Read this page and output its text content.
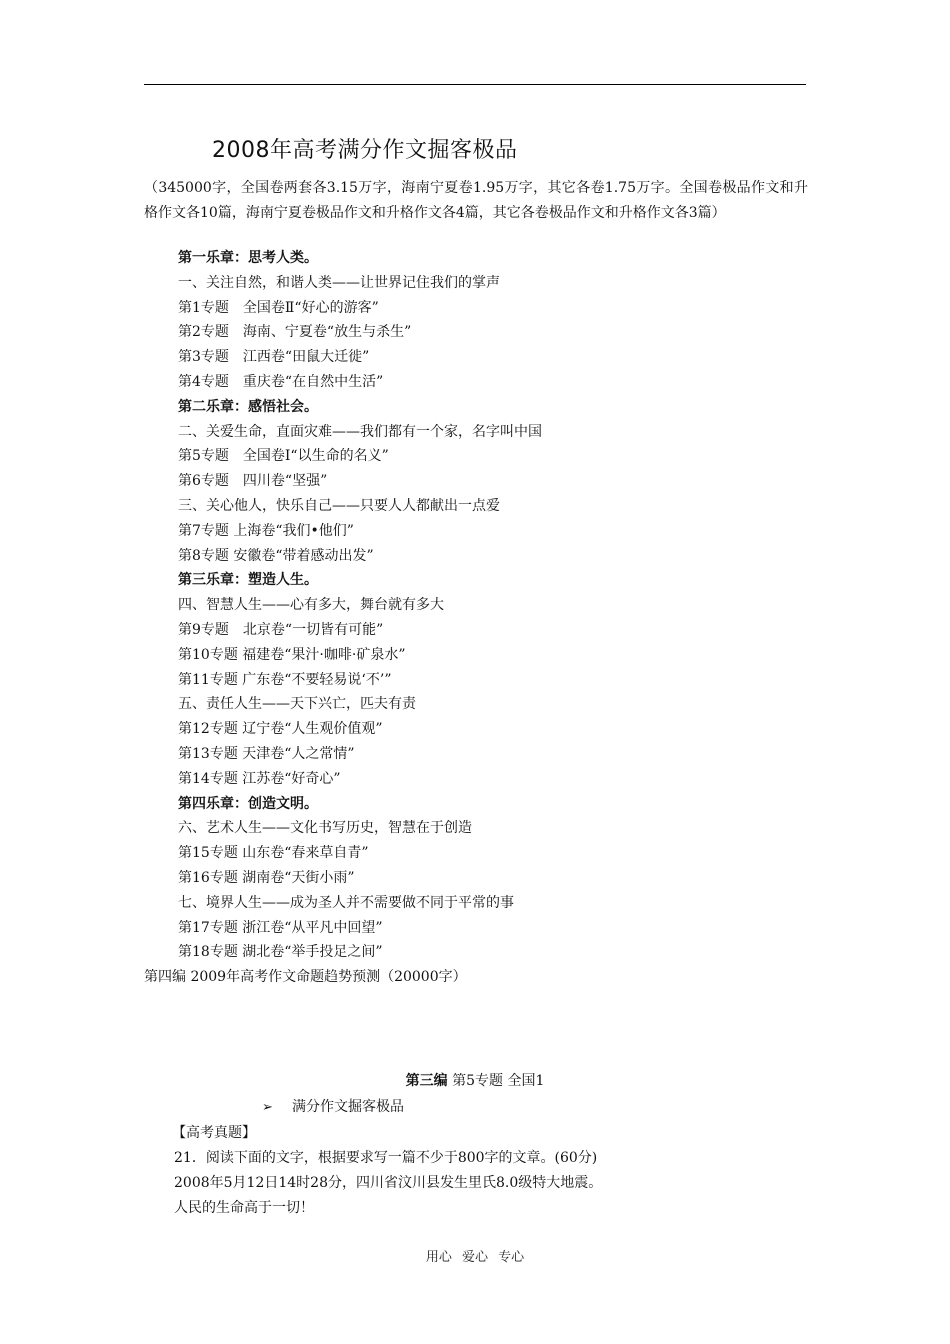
2008年高考满分作文掘客极品
（345000字，全国卷两套各3.15万字，海南宁夏卷1.95万字，其它各卷1.75万字。全国卷极品作文和升格作文各10篇，海南宁夏卷极品作文和升格作文各4篇，其它各卷极品作文和升格作文各3篇）
第一乐章：思考人类。
一、关注自然，和谐人类——让世界记住我们的掌声
第1专题　全国卷Ⅱ“好心的游客”
第2专题　海南、宁夏卷“放生与杀生”
第3专题　江西卷“田鼠大迁徙”
第4专题　重庆卷“在自然中生活”
第二乐章：感悟社会。
二、关爱生命，直面灾难——我们都有一个家，名字叫中国
第5专题　全国卷Ⅰ“以生命的名义”
第6专题　四川卷“坚强”
三、关心他人，快乐自己——只要人人都献出一点爱
第7专题 上海卷“我们•他们”
第8专题 安徽卷“带着感动出发”
第三乐章：塑造人生。
四、智慧人生——心有多大，舞台就有多大
第9专题　北京卷“一切皆有可能”
第10专题 福建卷“果汁·咖啡·矿泉水”
第11专题 广东卷“不要轻易说‘不’”
五、责任人生——天下兴亡，匹夫有责
第12专题 辽宁卷“人生观价值观”
第13专题 天津卷“人之常情”
第14专题 江苏卷“好奇心”
第四乐章：创造文明。
六、艺术人生——文化书写历史，智慧在于创造
第15专题 山东卷“春来草自青”
第16专题 湖南卷“天街小雨”
七、境界人生——成为圣人并不需要做不同于平常的事
第17专题 浙江卷“从平凡中回望”
第18专题 湖北卷“举手投足之间”
第四编 2009年高考作文命题趋势预测（20000字）
第三编 第5专题 全国1
➢ 满分作文掘客极品
【高考真题】
21．阅读下面的文字，根据要求写一篇不少于800字的文章。(60分)
2008年5月12日14时28分，四川省汶川县发生里氏8.0级特大地震。
人民的生命高于一切！
用心 爱心 专心
